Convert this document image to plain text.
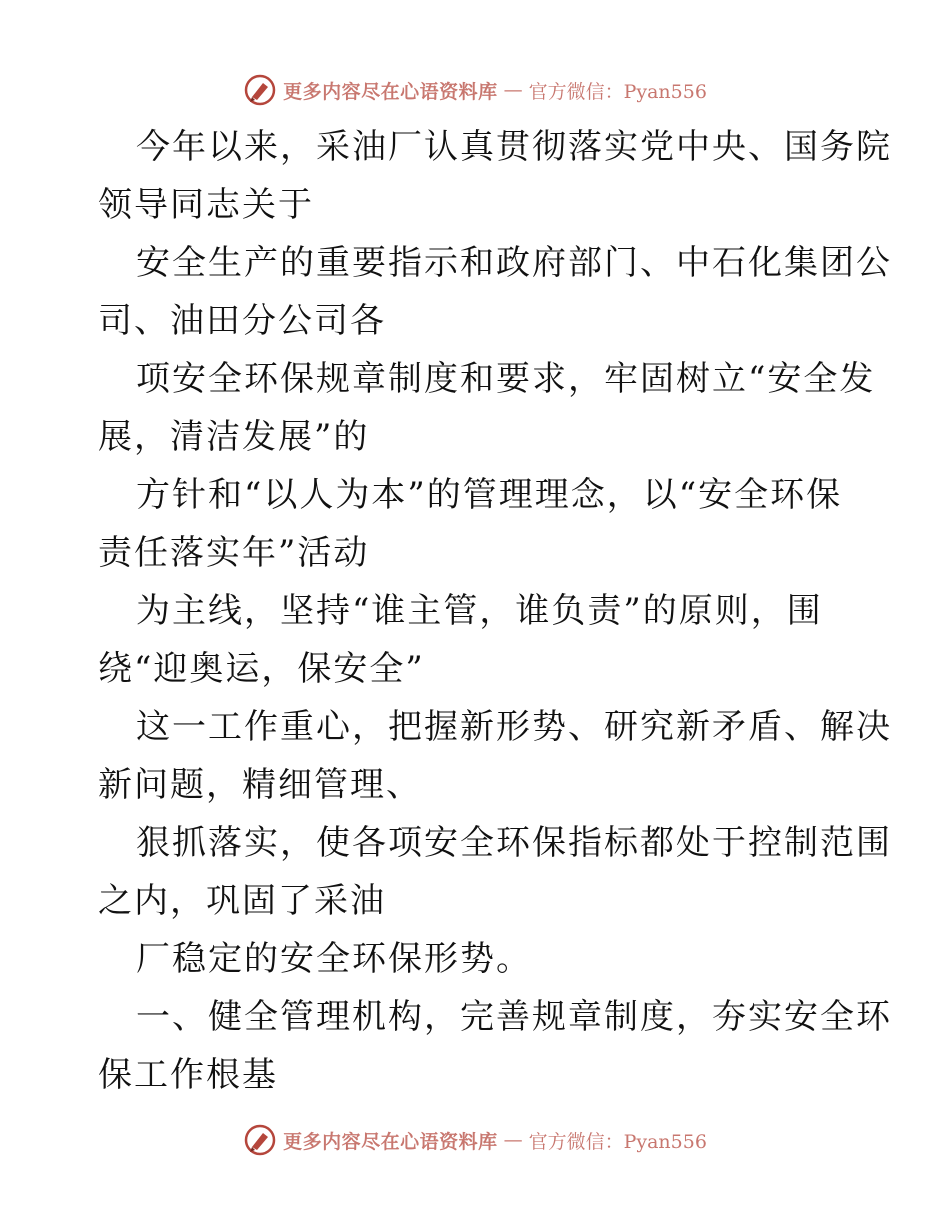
更多内容尽在心语资料库 — 官方微信：Pyan556
今年以来，采油厂认真贯彻落实党中央、国务院
领导同志关于
安全生产的重要指示和政府部门、中石化集团公
司、油田分公司各
项安全环保规章制度和要求，牢固树立“安全发
展，清洁发展”的
方针和“以人为本”的管理理念，以“安全环保
责任落实年”活动
为主线，坚持“谁主管，谁负责”的原则，围
绕“迎奥运，保安全”
这一工作重心，把握新形势、研究新矛盾、解决
新问题，精细管理、
狠抓落实，使各项安全环保指标都处于控制范围
之内，巩固了采油
厂稳定的安全环保形势。
一、健全管理机构，完善规章制度，夯实安全环
保工作根基
更多内容尽在心语资料库 — 官方微信：Pyan556
